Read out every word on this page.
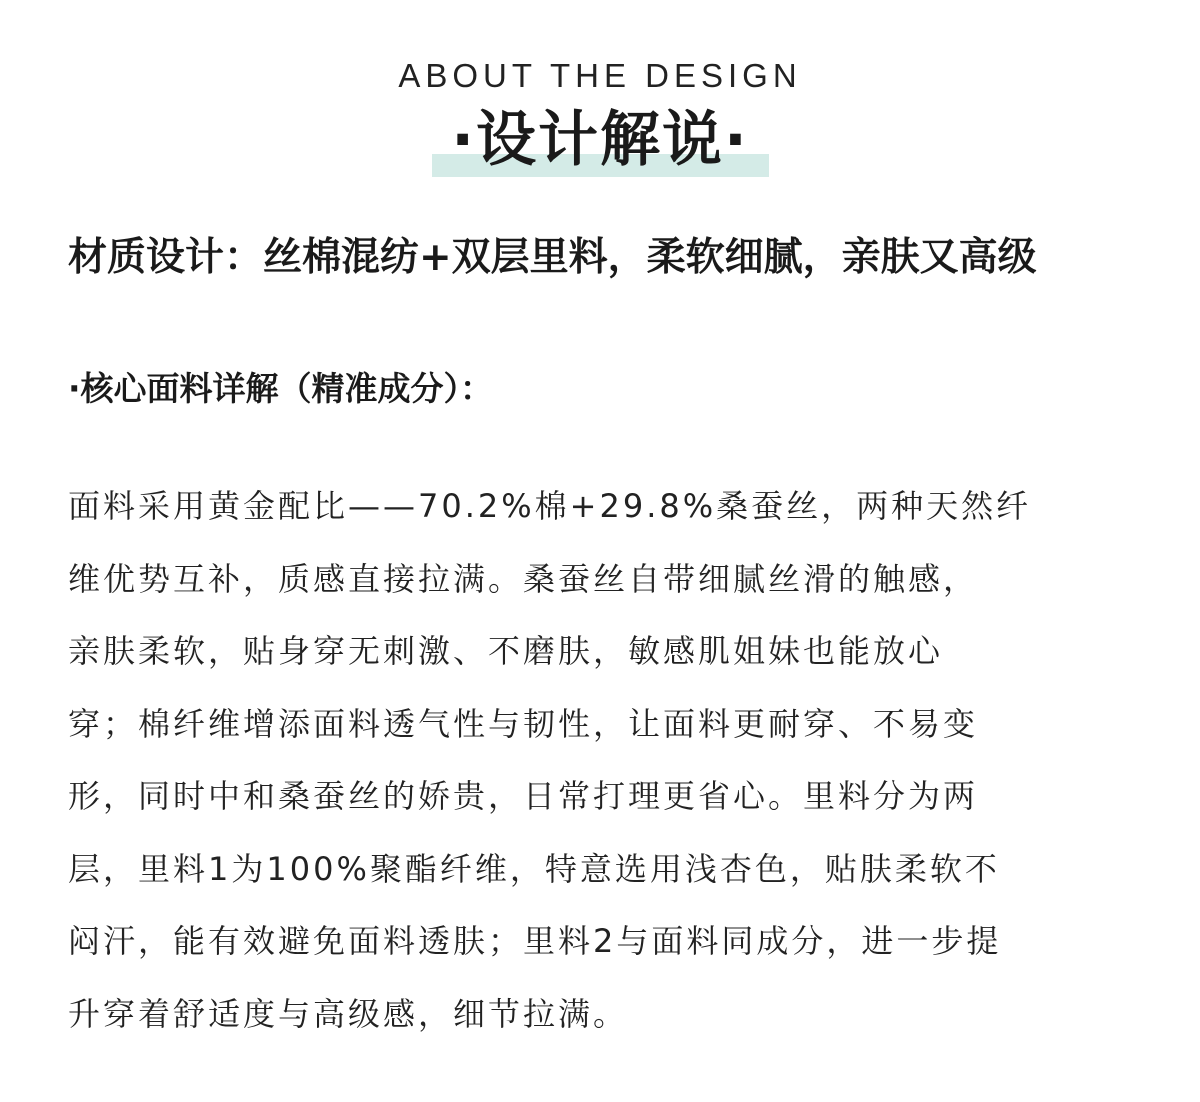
ABOUT THE DESIGN
·设计解说·
材质设计：丝棉混纺+双层里料，柔软细腻，亲肤又高级
·核心面料详解（精准成分）：
面料采用黄金配比——70.2%棉+29.8%桑蚕丝，两种天然纤
维优势互补，质感直接拉满。桑蚕丝自带细腻丝滑的触感，
亲肤柔软，贴身穿无刺激、不磨肤，敏感肌姐妹也能放心
穿；棉纤维增添面料透气性与韧性，让面料更耐穿、不易变
形，同时中和桑蚕丝的娇贵，日常打理更省心。里料分为两
层，里料1为100%聚酯纤维，特意选用浅杏色，贴肤柔软不
闷汗，能有效避免面料透肤；里料2与面料同成分，进一步提
升穿着舒适度与高级感，细节拉满。
